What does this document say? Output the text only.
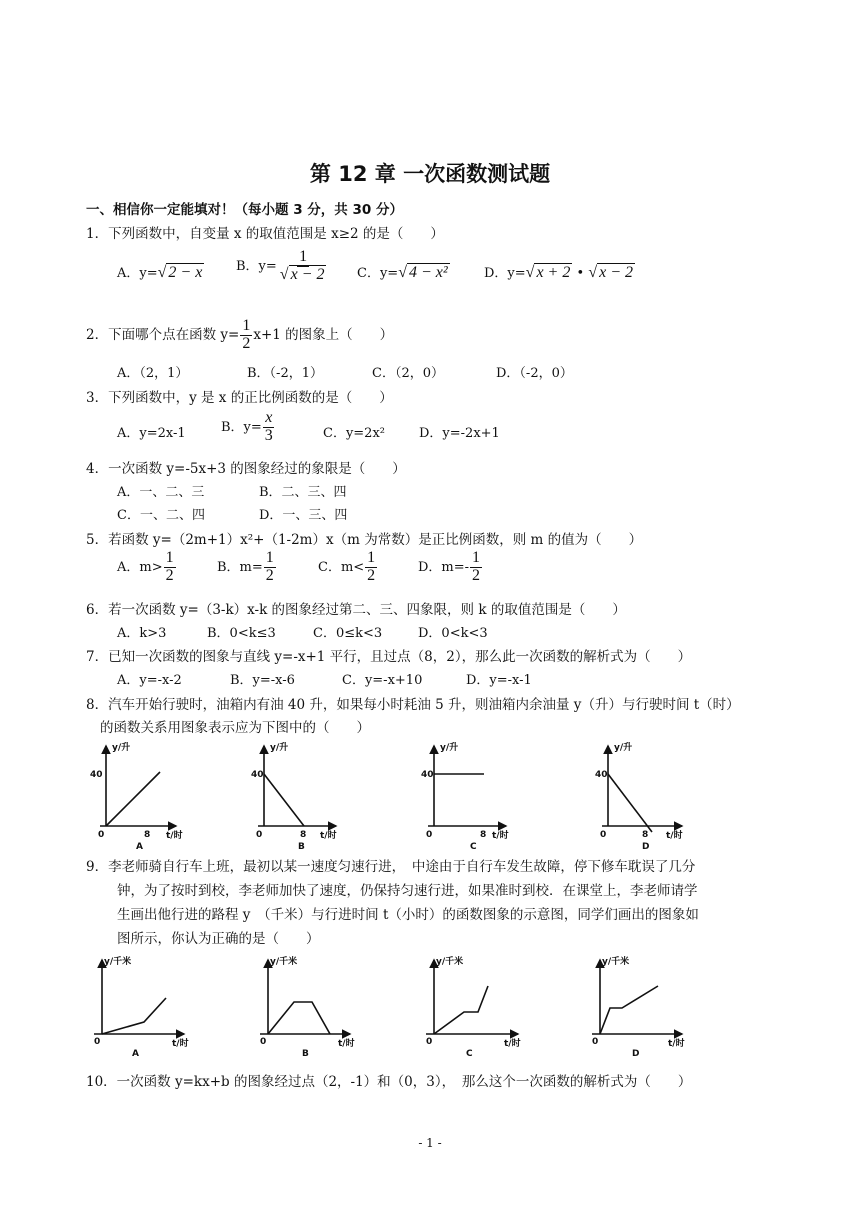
第 12 章 一次函数测试题
一、相信你一定能填对！（每小题 3 分，共 30 分）
1．下列函数中，自变量 x 的取值范围是 x≥2 的是（　　）
A．y=√ 2 − x	B．$y= \frac{1}{√ x - 2}$ C．y=√ 4 − x²	D．y=√ x + 2 • √ x − 2
2．下面哪个点在函数 $y= \frac{1}{2} x+1$ 的图象上（　　）
A．（2，1）	B．（-2，1）	C．（2，0）	D．（-2，0）
3．下列函数中，y 是 x 的正比例函数的是（　　）
A．y=2x-1	B．$y= \frac{x}{3}$	C．y=2x²	D．y=-2x+1
4．一次函数 y=-5x+3 的图象经过的象限是（　　）
A．一、二、三	B．二、三、四
C．一、二、四	D．一、三、四
5．若函数 y=（2m+1）x²+（1-2m）x（m 为常数）是正比例函数，则 m 的值为（　　）
A．$m> \frac{1}{2}$	B．$m= \frac{1}{2}$	C．$m< \frac{1}{2}$	D．$m=- \frac{1}{2}$
6．若一次函数 y=（3-k）x-k 的图象经过第二、三、四象限，则 k 的取值范围是（　　）
A．k>3	B．0<k≤3	C．0≤k<3	D．0<k<3
7．已知一次函数的图象与直线 y=-x+1 平行，且过点（8，2），那么此一次函数的解析式为（　　）
A．y=-x-2	B．y=-x-6	C．y=-x+10	D．y=-x-1
8．汽车开始行驶时，油箱内有油 40 升，如果每小时耗油 5 升，则油箱内余油量 y（升）与行驶时间 t（时）
的函数关系用图象表示应为下图中的（　　）
y/升
40
0	8 t/时
A
y/升
40
0	8 t/时
B
y/升
40
0	8 t/时
C
y/升
40
0	8 t/时
D
9．李老师骑自行车上班，最初以某一速度匀速行进，　中途由于自行车发生故障，停下修车耽误了几分
钟，为了按时到校，李老师加快了速度，仍保持匀速行进，如果准时到校．在课堂上，李老师请学
生画出他行进的路程 y　（千米）与行进时间 t（小时）的函数图象的示意图，同学们画出的图象如
图所示，你认为正确的是（　　）
y/千米
0	t/时
A
y/千米
0	t/时
B
y/千米
0	t/时
C
y/千米
0	t/时
D
10．一次函数 y=kx+b 的图象经过点（2，-1）和（0，3），　那么这个一次函数的解析式为（　　）
- 1 -
